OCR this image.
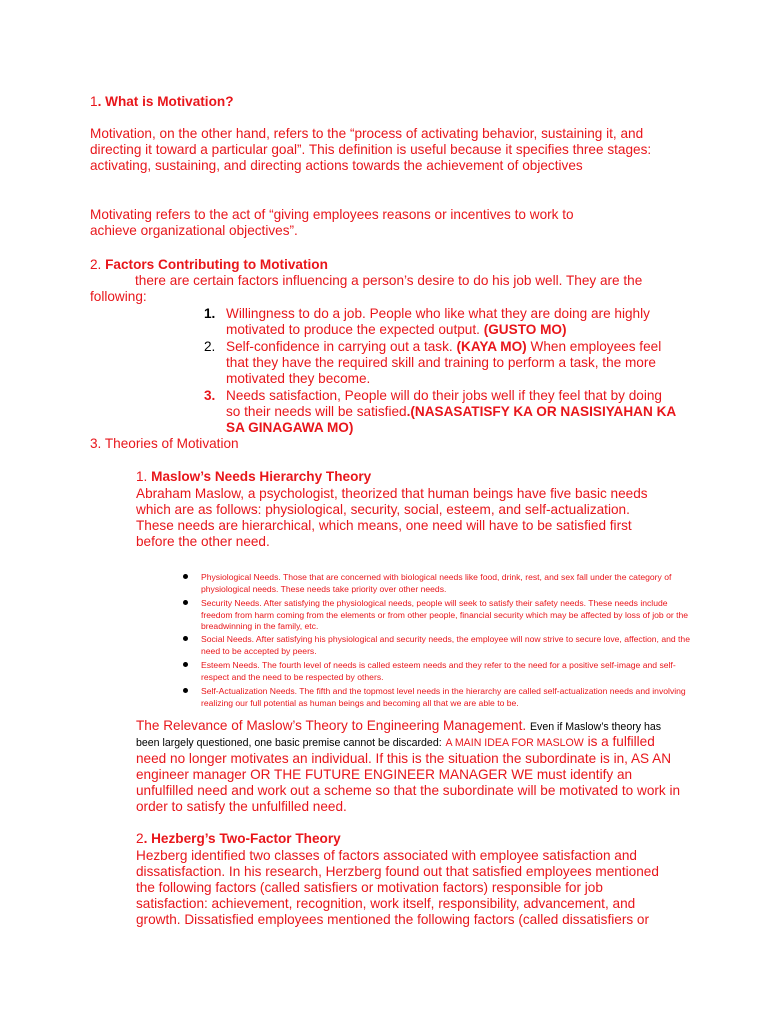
1. What is Motivation?

Motivation, on the other hand, refers to the “process of activating behavior, sustaining it, and directing it toward a particular goal”. This definition is useful because it specifies three stages: activating, sustaining, and directing actions towards the achievement of objectives

Motivating refers to the act of “giving employees reasons or incentives to work to achieve organizational objectives”.

2. Factors Contributing to Motivation

there are certain factors influencing a person’s desire to do his job well. They are the following:

1. Willingness to do a job. People who like what they are doing are highly motivated to produce the expected output. (GUSTO MO)
2. Self-confidence in carrying out a task. (KAYA MO) When employees feel that they have the required skill and training to perform a task, the more motivated they become.
3. Needs satisfaction, People will do their jobs well if they feel that by doing so their needs will be satisfied.(NASASATISFY KA OR NASISIYAHAN KA SA GINAGAWA MO)

3. Theories of Motivation

1. Maslow’s Needs Hierarchy Theory

Abraham Maslow, a psychologist, theorized that human beings have five basic needs which are as follows: physiological, security, social, esteem, and self-actualization. These needs are hierarchical, which means, one need will have to be satisfied first before the other need.

Physiological Needs. Those that are concerned with biological needs like food, drink, rest, and sex fall under the category of physiological needs. These needs take priority over other needs.
Security Needs. After satisfying the physiological needs, people will seek to satisfy their safety needs. These needs include freedom from harm coming from the elements or from other people, financial security which may be affected by loss of job or the breadwinning in the family, etc.
Social Needs. After satisfying his physiological and security needs, the employee will now strive to secure love, affection, and the need to be accepted by peers.
Esteem Needs. The fourth level of needs is called esteem needs and they refer to the need for a positive self-image and self-respect and the need to be respected by others.
Self-Actualization Needs. The fifth and the topmost level needs in the hierarchy are called self-actualization needs and involving realizing our full potential as human beings and becoming all that we are able to be.

The Relevance of Maslow’s Theory to Engineering Management. Even if Maslow’s theory has been largely questioned, one basic premise cannot be discarded: A MAIN IDEA FOR MASLOW is a fulfilled need no longer motivates an individual. If this is the situation the subordinate is in, AS AN engineer manager OR THE FUTURE ENGINEER MANAGER WE must identify an unfulfilled need and work out a scheme so that the subordinate will be motivated to work in order to satisfy the unfulfilled need.

2. Hezberg’s Two-Factor Theory

Hezberg identified two classes of factors associated with employee satisfaction and dissatisfaction. In his research, Herzberg found out that satisfied employees mentioned the following factors (called satisfiers or motivation factors) responsible for job satisfaction: achievement, recognition, work itself, responsibility, advancement, and growth. Dissatisfied employees mentioned the following factors (called dissatisfiers or
